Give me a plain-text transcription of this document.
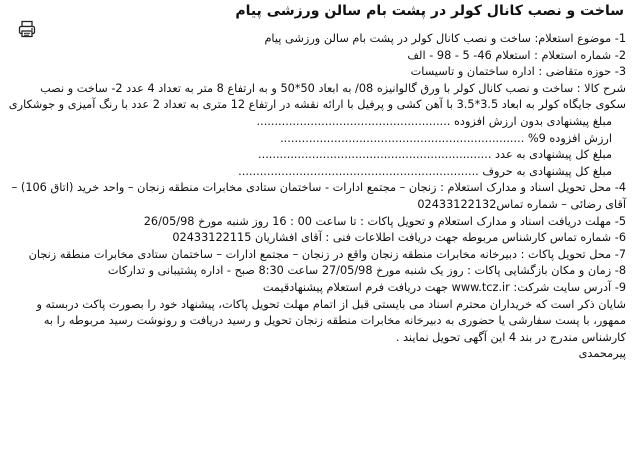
ساخت و نصب کانال کولر در پشت بام سالن ورزشی پیام
1- موضوع استعلام: ساخت و نصب کانال کولر در پشت بام سالن ورزشی پیام
2- شماره استعلام : استعلام 46- 5 - 98 - الف
3- حوزه متقاضی : اداره ساختمان و تاسیسات
شرح کالا : ساخت و نصب کانال کولر با ورق گالوانیزه 08/ به ابعاد 50*50 و به ارتفاع 8 متر به تعداد 4 عدد 2- ساخت و نصب سکوی جایگاه کولر به ابعاد 3.5*3.5 با آهن کشی و پرفیل با ارائه نقشه در ارتفاع 12 متری به تعداد 2 عدد با رنگ آمیزی و جوشکاری
مبلغ پیشنهادی بدون ارزش افزوده ......................................................
ارزش افزوده 9% ....................................................................
مبلغ کل پیشنهادی به عدد .................................................................
مبلغ کل پیشنهادی به حروف ...................................................................
4- محل تحویل اسناد و مدارک استعلام : زنجان – مجتمع ادارات - ساختمان ستادی مخابرات منطقه زنجان – واحد خرید (اتاق 106) – آقای رضائی – شماره تماس02433122132
5- مهلت دریافت اسناد و مدارک استعلام و تحویل پاکات : تا ساعت 00 : 16 روز شنبه مورخ 26/05/98
6- شماره تماس کارشناس مربوطه جهت دریافت اطلاعات فنی : آقای افشاریان 02433122115
7- محل تحویل پاکات : دبیرخانه مخابرات منطقه زنجان واقع در زنجان – مجتمع ادارات – ساختمان ستادی مخابرات منطقه زنجان
8- زمان و مکان بازگشایی پاکات : روز یک شنبه مورخ 27/05/98 ساعت 8:30 صبح - اداره پشتیبانی و تدارکات
9- آدرس سایت شرکت: www.tcz.ir جهت دریافت فرم استعلام پیشنهادقیمت
شایان ذکر است که خریداران محترم اسناد می بایستی قبل از اتمام مهلت تحویل پاکات، پیشنهاد خود را بصورت پاکت دربسته و ممهور، با پست سفارشی یا حضوری به دبیرخانه مخابرات منطقه زنجان تحویل و رسید دریافت و رونوشت رسید مربوطه را به کارشناس مندرج در بند 4 این آگهی تحویل نمایند .
پیرمحمدی
